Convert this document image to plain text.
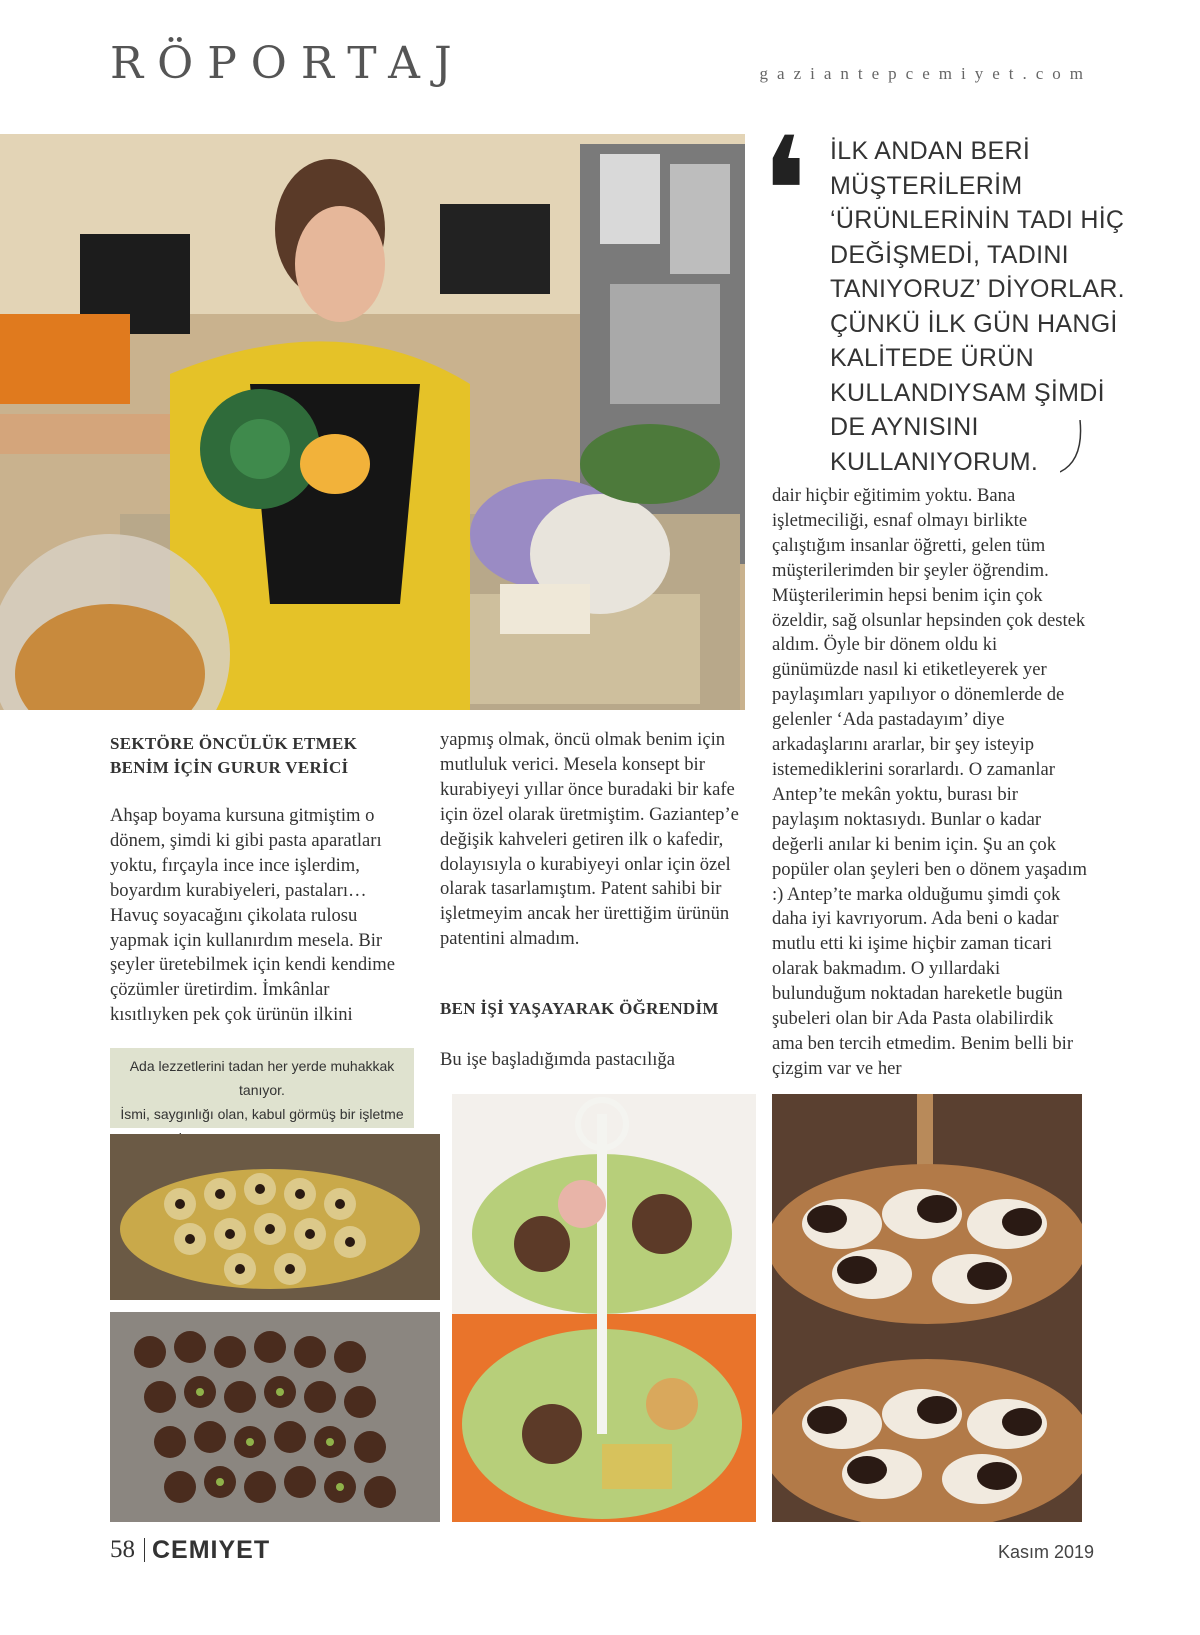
RÖPORTAJ	gaziantepcemiyet.com
❛ İLK ANDAN BERİ MÜŞTERİLERİM ‘ÜRÜNLERİNİN TADI HİÇ DEĞİŞMEDİ, TADINI TANIYORUZ’ DİYORLAR. ÇÜNKÜ İLK GÜN HANGİ KALİTEDE ÜRÜN KULLANDIYSAM ŞİMDİ DE AYNISINI KULLANIYORUM.
SEKTÖRE ÖNCÜLÜK ETMEK
BENİM İÇİN GURUR VERİCİ

Ahşap boyama kursuna gitmiştim o dönem, şimdi ki gibi pasta aparatları yoktu, fırçayla ince ince işlerdim, boyardım kurabiyeleri, pastaları… Havuç soyacağını çikolata rulosu yapmak için kullanırdım mesela. Bir şeyler üretebilmek için kendi kendime çözümler üretirdim. İmkânlar kısıtlıyken pek çok ürünün ilkini

yapmış olmak, öncü olmak benim için mutluluk verici. Mesela konsept bir kurabiyeyi yıllar önce buradaki bir kafe için özel olarak üretmiştim. Gaziantep’e değişik kahveleri getiren ilk o kafedir, dolayısıyla o kurabiyeyi onlar için özel olarak tasarlamıştım. Patent sahibi bir işletmeyim ancak her ürettiğim ürünün patentini almadım.

BEN İŞİ YAŞAYARAK ÖĞRENDİM

Bu işe başladığımda pastacılığa

dair hiçbir eğitimim yoktu. Bana işletmeciliği, esnaf olmayı birlikte çalıştığım insanlar öğretti, gelen tüm müşterilerimden bir şeyler öğrendim. Müşterilerimin hepsi benim için çok özeldir, sağ olsunlar hepsinden çok destek aldım. Öyle bir dönem oldu ki günümüzde nasıl ki etiketleyerek yer paylaşımları yapılıyor o dönemlerde de gelenler ‘Ada pastadayım’ diye arkadaşlarını ararlar, bir şey isteyip istemediklerini sorarlardı. O zamanlar Antep’te mekân yoktu, burası bir paylaşım noktasıydı. Bunlar o kadar değerli anılar ki benim için. Şu an çok popüler olan şeyleri ben o dönem yaşadım :) Antep’te marka olduğumu şimdi çok daha iyi kavrıyorum. Ada beni o kadar mutlu etti ki işime hiçbir zaman ticari olarak bakmadım. O yıllardaki bulunduğum noktadan hareketle bugün şubeleri olan bir Ada Pasta olabilirdik ama ben tercih etmedim. Benim belli bir çizgim var ve her

Ada lezzetlerini tadan her yerde muhakkak tanıyor.
İsmi, saygınlığı olan, kabul görmüş bir işletme
58 CEMIYET	Kasım 2019
